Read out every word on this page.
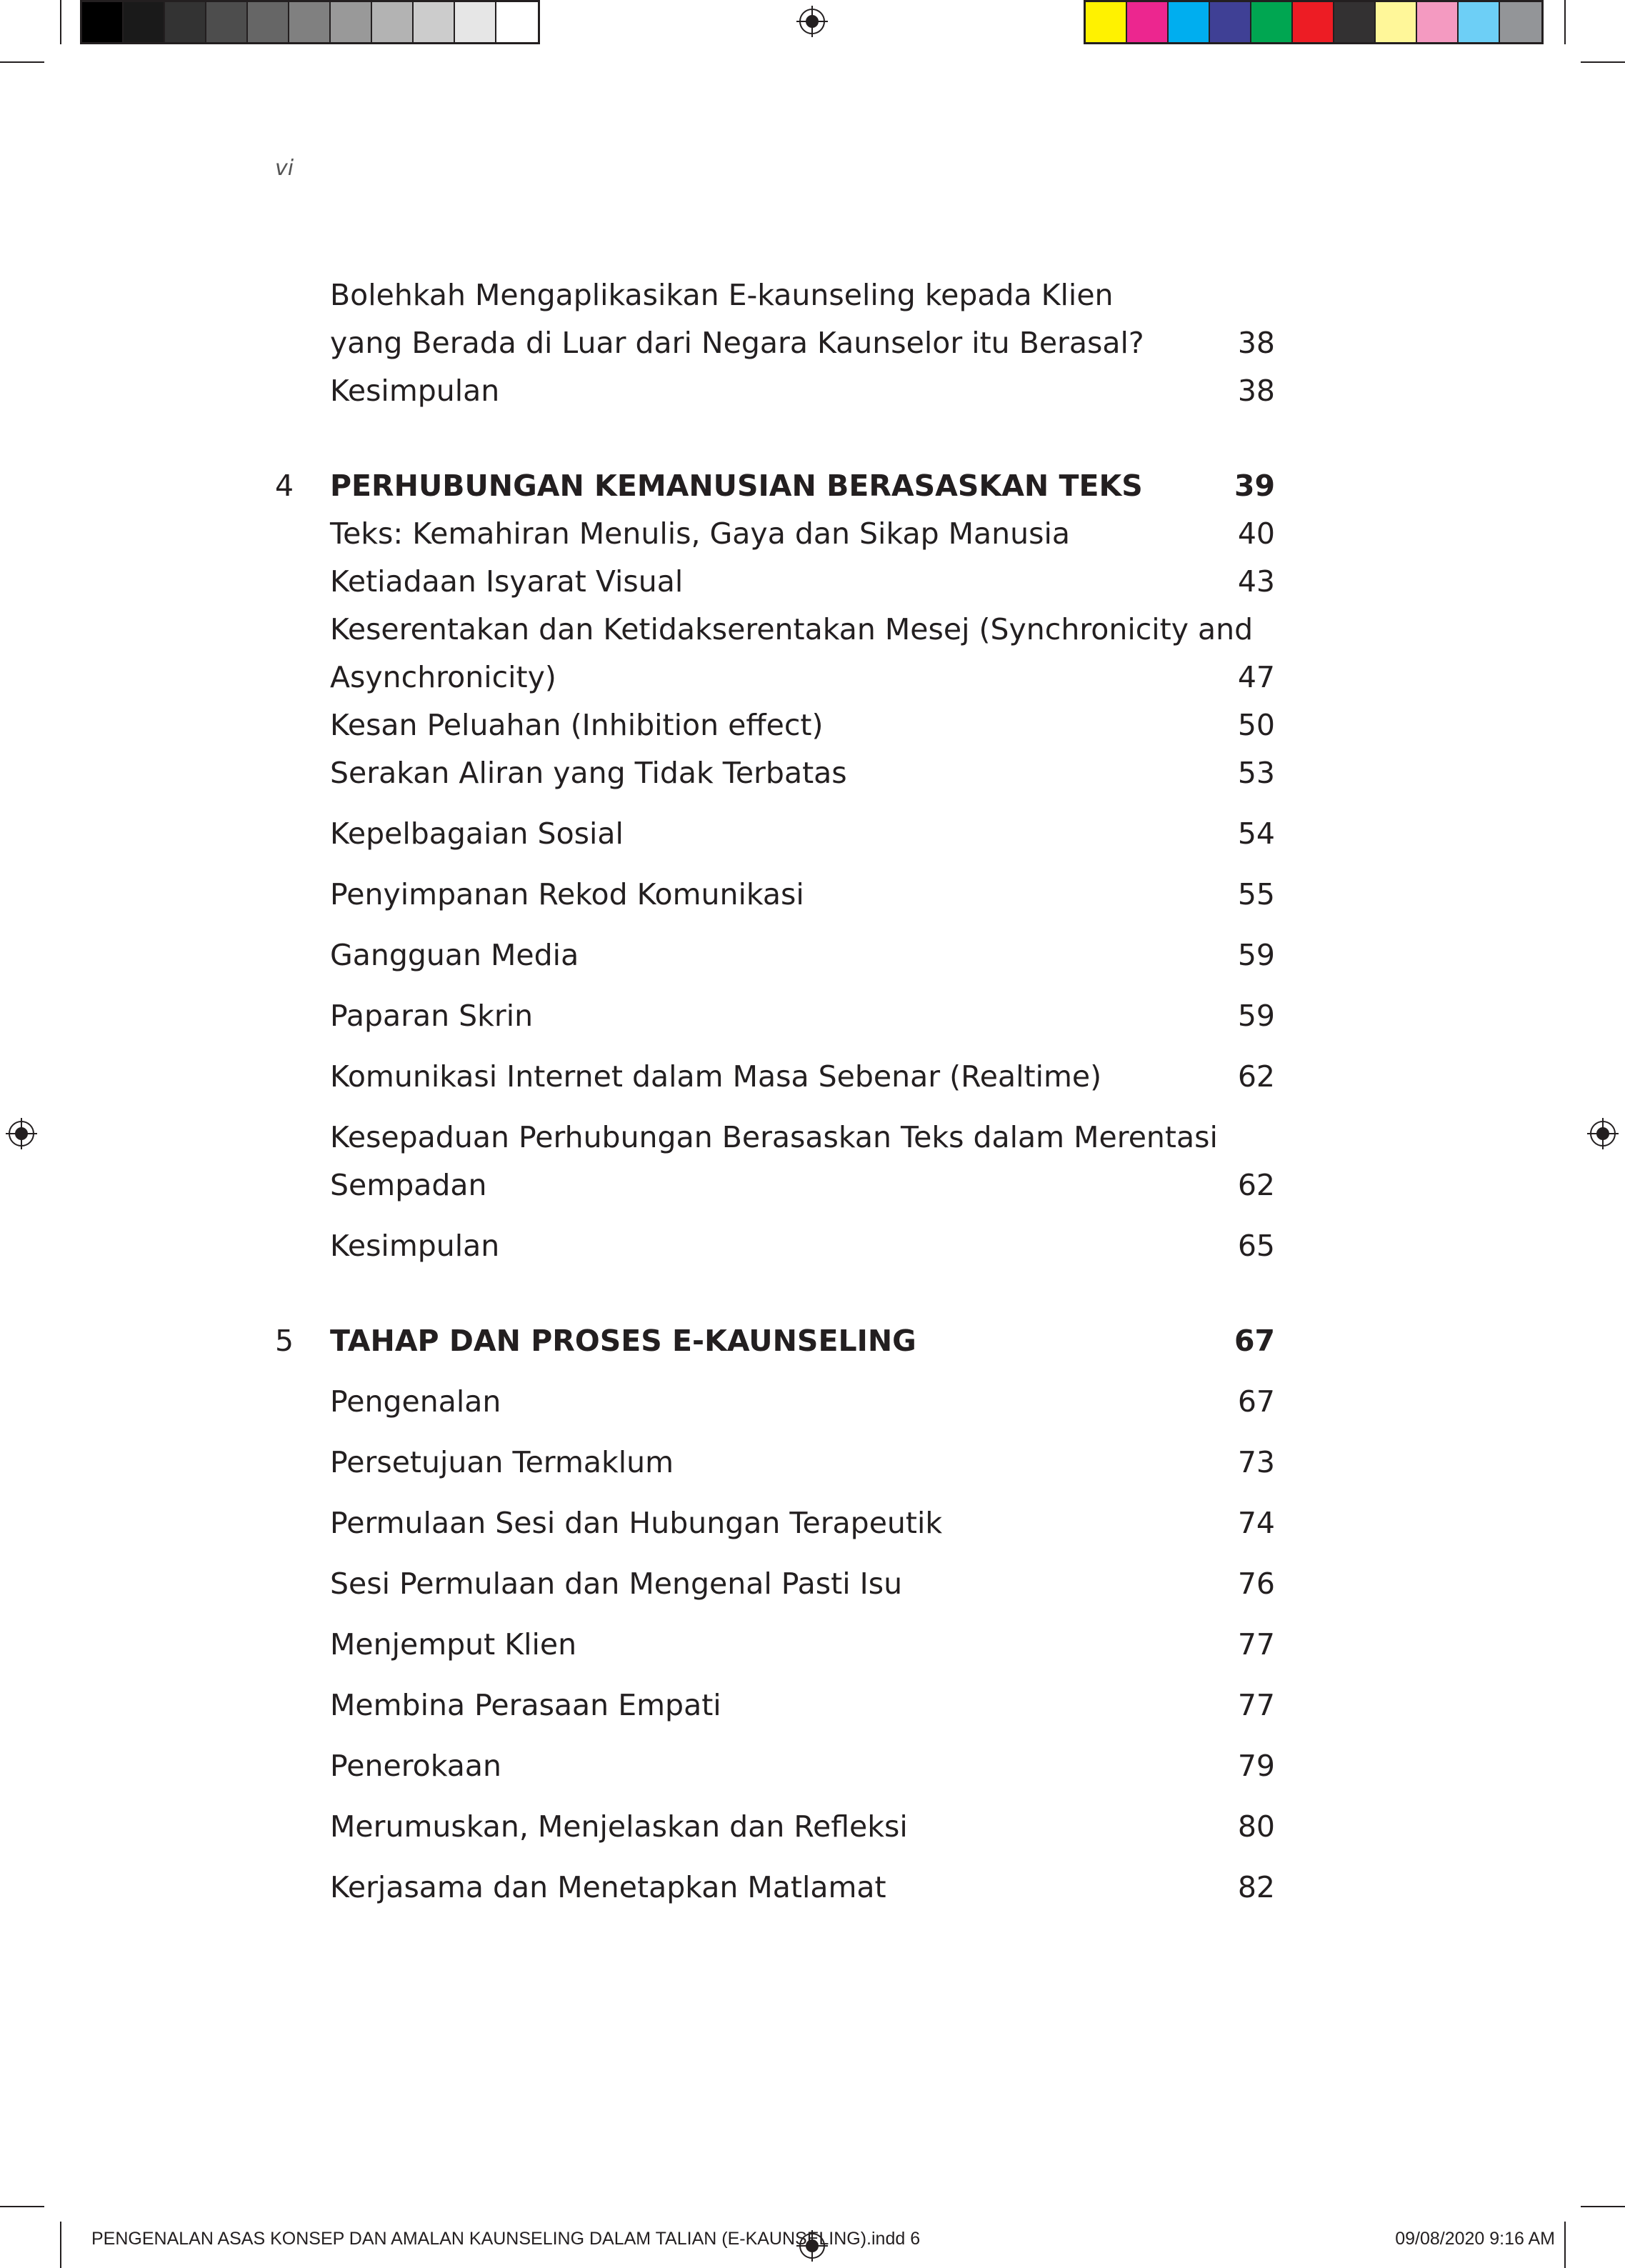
vi
Bolehkah Mengaplikasikan E-kaunseling kepada Klien
yang Berada di Luar dari Negara Kaunselor itu Berasal?	38
Kesimpulan	38
4	PERHUBUNGAN KEMANUSIAN BERASASKAN TEKS	39
Teks: Kemahiran Menulis, Gaya dan Sikap Manusia	40
Ketiadaan Isyarat Visual	43
Keserentakan dan Ketidakserentakan Mesej (Synchronicity and
Asynchronicity)	47
Kesan Peluahan (Inhibition effect)	50
Serakan Aliran yang Tidak Terbatas	53
Kepelbagaian Sosial	54
Penyimpanan Rekod Komunikasi	55
Gangguan Media	59
Paparan Skrin	59
Komunikasi Internet dalam Masa Sebenar (Realtime)	62
Kesepaduan Perhubungan Berasaskan Teks dalam Merentasi
Sempadan	62
Kesimpulan	65
5	TAHAP DAN PROSES E-KAUNSELING	67
Pengenalan	67
Persetujuan Termaklum	73
Permulaan Sesi dan Hubungan Terapeutik	74
Sesi Permulaan dan Mengenal Pasti Isu	76
Menjemput Klien	77
Membina Perasaan Empati	77
Penerokaan	79
Merumuskan, Menjelaskan dan Refleksi	80
Kerjasama dan Menetapkan Matlamat	82
PENGENALAN ASAS KONSEP DAN AMALAN KAUNSELING DALAM TALIAN (E-KAUNSELING).indd 6	09/08/2020 9:16 AM
